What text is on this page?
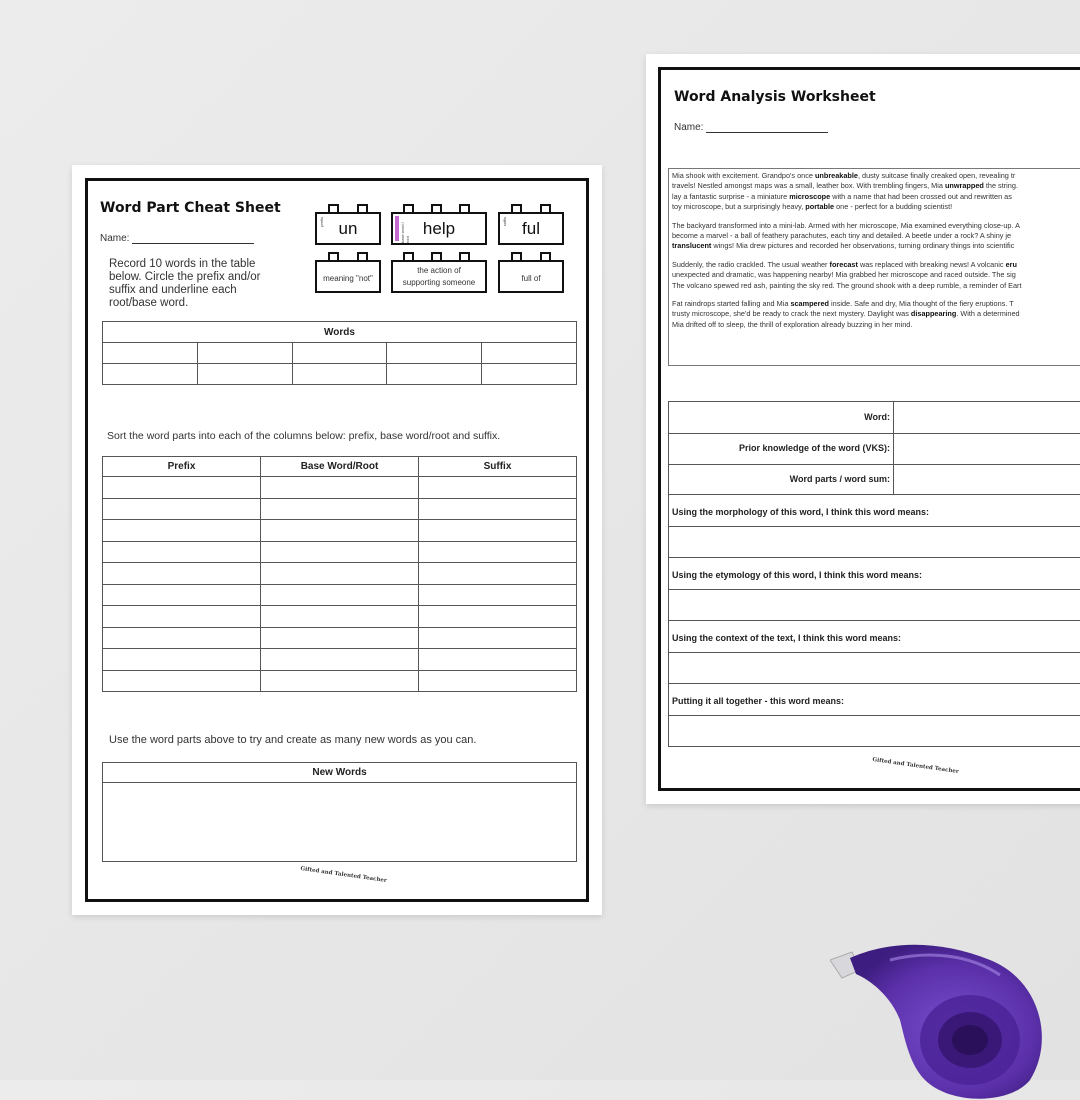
Word Part Cheat Sheet
Name:
Record 10 words in the table
below. Circle the prefix and/or
suffix and underline each
root/base word.
prefix un	base word / root
help	suffix ful
meaning "not"
the action of supporting someone	full of
Words				

Sort the word parts into each of the columns below: prefix, base word/root and suffix.
Prefix	Base Word/Root	Suffix

Use the word parts above to try and create as many new words as you can.
New Words

Gifted and Talented Teacher
Word Analysis Worksheet
Name:
Mia shook with excitement. Grandpo's once unbreakable, dusty suitcase finally creaked open, revealing tr
travels! Nestled amongst maps was a small, leather box. With trembling fingers, Mia unwrapped the string.
lay a fantastic surprise - a miniature microscope with a name that had been crossed out and rewritten as
toy microscope, but a surprisingly heavy, portable one - perfect for a budding scientist!
The backyard transformed into a mini-lab. Armed with her microscope, Mia examined everything close-up. A
become a marvel - a ball of feathery parachutes, each tiny and detailed. A beetle under a rock? A shiny je
translucent wings! Mia drew pictures and recorded her observations, turning ordinary things into scientific
Suddenly, the radio crackled. The usual weather forecast was replaced with breaking news! A volcanic eru
unexpected and dramatic, was happening nearby! Mia grabbed her microscope and raced outside. The sig
The volcano spewed red ash, painting the sky red. The ground shook with a deep rumble, a reminder of Eart
Fat raindrops started falling and Mia scampered inside. Safe and dry, Mia thought of the fiery eruptions. T
trusty microscope, she'd be ready to crack the next mystery. Daylight was disappearing. With a determined
Mia drifted off to sleep, the thrill of exploration already buzzing in her mind.
Word:
Prior knowledge of the word (VKS):
Word parts / word sum:
Using the morphology of this word, I think this word means:
Using the etymology of this word, I think this word means:
Using the context of the text, I think this word means:
Putting it all together - this word means:
Gifted and Talented Teacher
